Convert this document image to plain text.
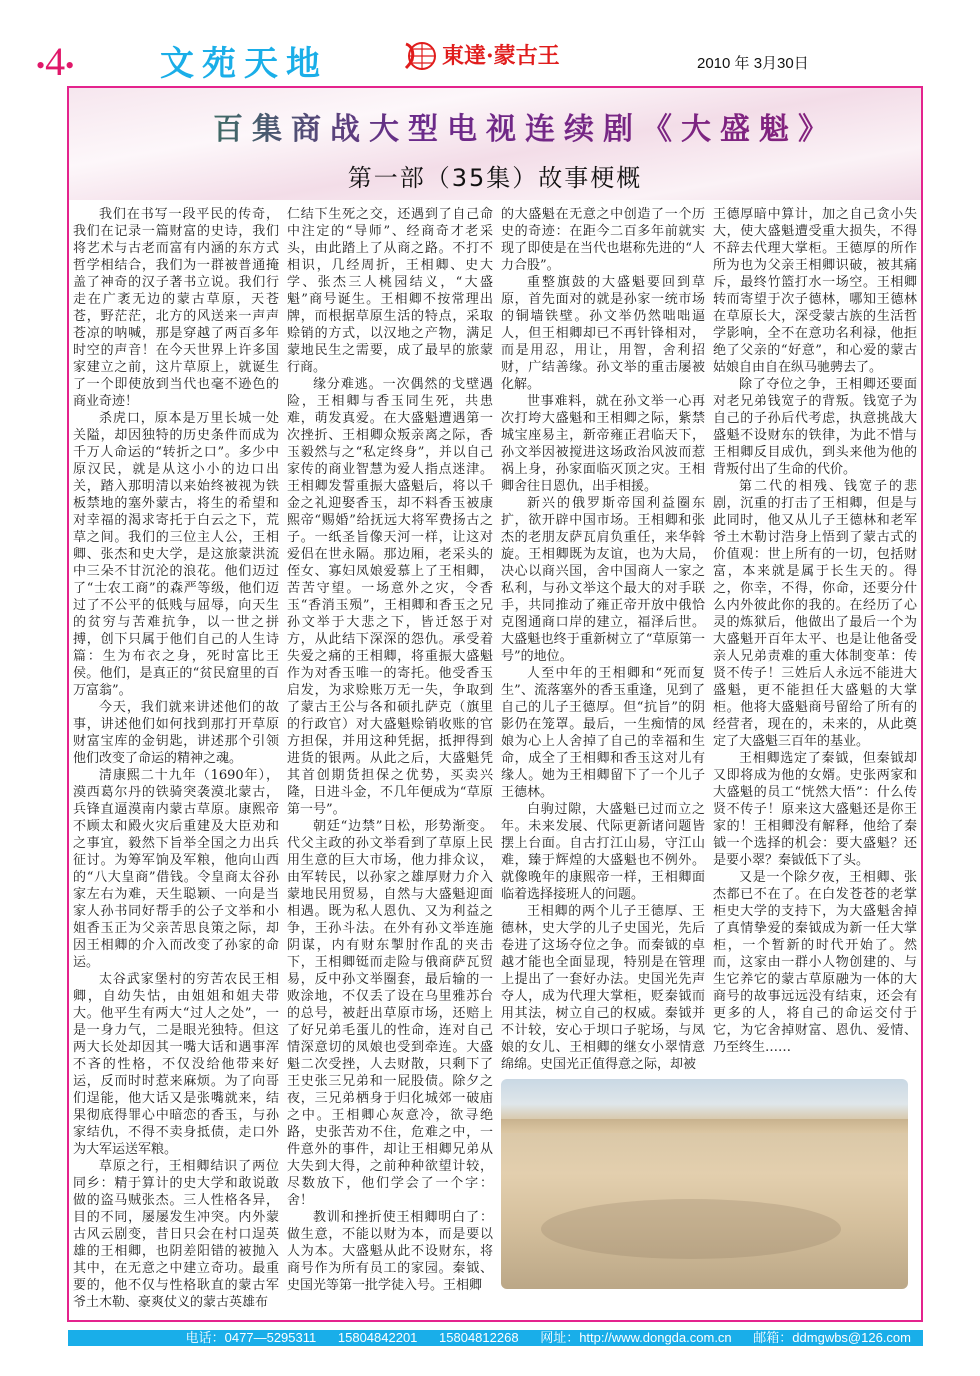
•4•	文苑天地	東達·蒙古王	2010 年 3月30日
百集商战大型电视连续剧《大盛魁》
第一部（35集）故事梗概

我们在书写一段平民的传奇，我们在记录一篇财富的史诗，我们将艺术与古老而富有内涵的东方式哲学相结合，我们为一群被普通掩盖了神奇的汉子著书立说。我们行走在广袤无边的蒙古草原，天苍苍，野茫茫，北方的风送来一声声苍凉的呐喊，那是穿越了两百多年时空的声音！在今天世界上许多国家建立之前，这片草原上，就诞生了一个即使放到当代也毫不逊色的商业奇迹！

杀虎口，原本是万里长城一处关隘，却因独特的历史条件而成为千万人命运的“转折之口”。多少中原汉民，就是从这小小的边口出关，踏入那明清以来始终被视为铁板禁地的塞外蒙古，将生的希望和对幸福的渴求寄托于白云之下，荒草之间。我们的三位主人公，王相卿、张杰和史大学，是这旅蒙洪流中三朵不甘沉沦的浪花。他们迈过了“士农工商”的森严等级，他们迈过了不公平的低贱与屈辱，向天生的贫穷与苦难抗争，以一世之拼搏，创下只属于他们自己的人生诗篇：生为布衣之身，死时富比王侯。他们，是真正的“贫民窟里的百万富翁”。

今天，我们就来讲述他们的故事，讲述他们如何找到那打开草原财富宝库的金钥匙，讲述那个引领他们改变了命运的精神之魂。

清康熙二十九年（1690年），漠西葛尔丹的铁骑突袭漠北蒙古，兵锋直逼漠南内蒙古草原。康熙帝不顾太和殿火灾后重建及大臣劝和之事宜，毅然下旨举全国之力出兵征讨。为筹军饷及军粮，他向山西的“八大皇商”借钱。令皇商太谷孙家左右为难，天生聪颖、一向是当家人孙书同好帮手的公子文举和小姐香玉正为父亲苦思良策之际，却因王相卿的介入而改变了孙家的命运。

太谷武家堡村的穷苦农民王相卿，自幼失怙，由姐姐和姐夫带大。他平生有两大“过人之处”，一是一身力气，二是眼光独特。但这两大长处却因其一嘴大话和遇事浑不吝的性格，不仅没给他带来好运，反而时时惹来麻烦。为了向哥们逞能，他大话又是张嘴就来，结果彻底得罪心中暗恋的香玉，与孙家结仇，不得不卖身抵债，走口外为大军运送军粮。

草原之行，王相卿结识了两位同乡：精于算计的史大学和敢说敢做的盗马贼张杰。三人性格各异，目的不同，屡屡发生冲突。内外蒙古风云剧变，昔日只会在村口逞英雄的王相卿，也阴差阳错的被抛入其中，在无意之中建立奇功。最重要的，他不仅与性格耿直的蒙古军爷土木勒、豪爽仗义的蒙古英雄布

仁结下生死之交，还遇到了自己命中注定的“导师”、经商奇才老采头，由此踏上了从商之路。不打不相识，几经周折，王相卿、史大学、张杰三人桃园结义，“大盛魁”商号诞生。王相卿不按常理出牌，而根据草原生活的特点，采取赊销的方式，以汉地之产物，满足蒙地民生之需要，成了最早的旅蒙行商。

缘分难逃。一次偶然的戈壁遇险，王相卿与香玉同生死，共患难，萌发真爱。在大盛魁遭遇第一次挫折、王相卿众叛亲离之际，香玉毅然与之“私定终身”，并以自己家传的商业智慧为爱人指点迷津。王相卿发誓重振大盛魁后，将以千金之礼迎娶香玉，却不料香玉被康熙帝“赐婚”给抚远大将军费扬古之子。一纸圣旨像天河一样，让这对爱侣在世永隔。那边厢，老采头的侄女、寡妇凤娘爱慕上了王相卿，苦苦守望。一场意外之灾，令香玉“香消玉殒”，王相卿和香玉之兄孙文举于大悲之下，皆迁怒于对方，从此结下深深的怨仇。承受着失爱之痛的王相卿，将重振大盛魁作为对香玉唯一的寄托。他受香玉启发，为求赊账万无一失，争取到了蒙古王公与各和硕扎萨克（旗里的行政官）对大盛魁赊销收账的官方担保，并用这种凭据，抵押得到进货的银两。从此之后，大盛魁凭其首创期货担保之优势，买卖兴隆，日进斗金，不几年便成为“草原第一号”。

朝廷“边禁”日松，形势渐变。代父主政的孙文举看到了草原上民用生意的巨大市场，他力排众议，由军转民，以孙家之雄厚财力介入蒙地民用贸易，自然与大盛魁迎面相遇。既为私人恩仇、又为利益之争，王孙斗法。在外有孙文举连施阴谋，内有财东掣肘作乱的夹击下，王相卿铤而走险与俄商萨瓦贸易，反中孙文举圈套，最后输的一败涂地，不仅丢了设在乌里雅苏台的总号，被赶出草原市场，还赔上了好兄弟毛蛋儿的性命，连对自己情深意切的凤娘也受到牵连。大盛魁二次受挫，人去财散，只剩下了王史张三兄弟和一屁股债。除夕之夜，三兄弟栖身于归化城郊一破庙之中。王相卿心灰意冷，欲寻绝路，史张苦劝不住，危难之中，一件意外的事件，却让王相卿兄弟从大失到大得，之前种种欲望计较，尽数放下，他们学会了一个字：舍！

教训和挫折使王相卿明白了：做生意，不能以财为本，而是要以人为本。大盛魁从此不设财东，将商号作为所有员工的家园。秦钺、史国光等第一批学徒入号。王相卿

的大盛魁在无意之中创造了一个历史的奇迹：在距今二百多年前就实现了即使是在当代也堪称先进的“人力合股”。

重整旗鼓的大盛魁要回到草原，首先面对的就是孙家一统市场的铜墙铁壁。孙文举仍然咄咄逼人，但王相卿却已不再针锋相对，而是用忍，用让，用智，舍利招财，广结善缘。孙文举的重击屡被化解。

世事难料，就在孙文举一心再次打垮大盛魁和王相卿之际，紫禁城宝座易主，新帝雍正君临天下，孙文举因被搅进这场政治风波而惹祸上身，孙家面临灭顶之灾。王相卿舍往日恩仇，出手相援。

新兴的俄罗斯帝国利益圈东扩，欲开辟中国市场。王相卿和张杰的老朋友萨瓦肩负重任，来华斡旋。王相卿既为友谊，也为大局，决心以商兴国，舍中国商人一家之私利，与孙文举这个最大的对手联手，共同推动了雍正帝开放中俄恰克图通商口岸的建立，福泽后世。大盛魁也终于重新树立了“草原第一号”的地位。

人至中年的王相卿和“死而复生”、流落塞外的香玉重逢，见到了自己的儿子王德厚。但“抗旨”的阴影仍在笼罩。最后，一生痴情的凤娘为心上人舍掉了自己的幸福和生命，成全了王相卿和香玉这对儿有缘人。她为王相卿留下了一个儿子王德林。

白驹过隙，大盛魁已过而立之年。未来发展、代际更新诸问题皆摆上台面。自古打江山易，守江山难，臻于辉煌的大盛魁也不例外。就像晚年的康熙帝一样，王相卿面临着选择接班人的问题。

王相卿的两个儿子王德厚、王德林，史大学的儿子史国光，先后卷进了这场夺位之争。而秦钺的卓越才能也全面显现，特别是在管理上提出了一套好办法。史国光先声夺人，成为代理大掌柜，贬秦钺而用其法，树立自己的权威。秦钺并不计较，安心于坝口子驼场，与凤娘的女儿、王相卿的继女小翠情意绵绵。史国光正值得意之际，却被

王德厚暗中算计，加之自己贪小失大，使大盛魁遭受重大损失，不得不辞去代理大掌柜。王德厚的所作所为也为父亲王相卿识破，被其痛斥，最终竹篮打水一场空。王相卿转而寄望于次子德林，哪知王德林在草原长大，深受蒙古族的生活哲学影响，全不在意功名利禄，他拒绝了父亲的“好意”，和心爱的蒙古姑娘自由自在纵马驰骋去了。

除了夺位之争，王相卿还要面对老兄弟钱宽子的背叛。钱宽子为自己的子孙后代考虑，执意挑战大盛魁不设财东的铁律，为此不惜与王相卿反目成仇，到头来他为他的背叛付出了生命的代价。

第二代的相残、钱宽子的悲剧，沉重的打击了王相卿，但是与此同时，他又从儿子王德林和老军爷土木勒讨浩身上悟到了蒙古式的价值观：世上所有的一切，包括财富，本来就是属于长生天的。得之，你幸，不得，你命，还要分什么内外彼此你的我的。在经历了心灵的炼狱后，他做出了最后一个为大盛魁开百年太平、也是让他备受亲人兄弟责难的重大体制变革：传贤不传子！三姓后人永远不能进大盛魁，更不能担任大盛魁的大掌柜。他将大盛魁商号留给了所有的经营者，现在的，未来的，从此奠定了大盛魁三百年的基业。

王相卿选定了秦钺，但秦钺却又即将成为他的女婿。史张两家和大盛魁的员工“恍然大悟”：什么传贤不传子！原来这大盛魁还是你王家的！王相卿没有解释，他给了秦钺一个选择的机会：要大盛魁？还是要小翠？秦钺低下了头。

又是一个除夕夜，王相卿、张杰都已不在了。在白发苍苍的老掌柜史大学的支持下，为大盛魁舍掉了真情挚爱的秦钺成为新一任大掌柜，一个暂新的时代开始了。然而，这家由一群小人物创建的、与生它养它的蒙古草原融为一体的大商号的故事远远没有结束，还会有更多的人，将自己的命运交付于它，为它舍掉财富、恩仇、爱情、乃至终生……

电话：0477—5295311 15804842201 15804812268 网址：http://www.dongda.com.cn 邮箱：ddmgwbs@126.com
